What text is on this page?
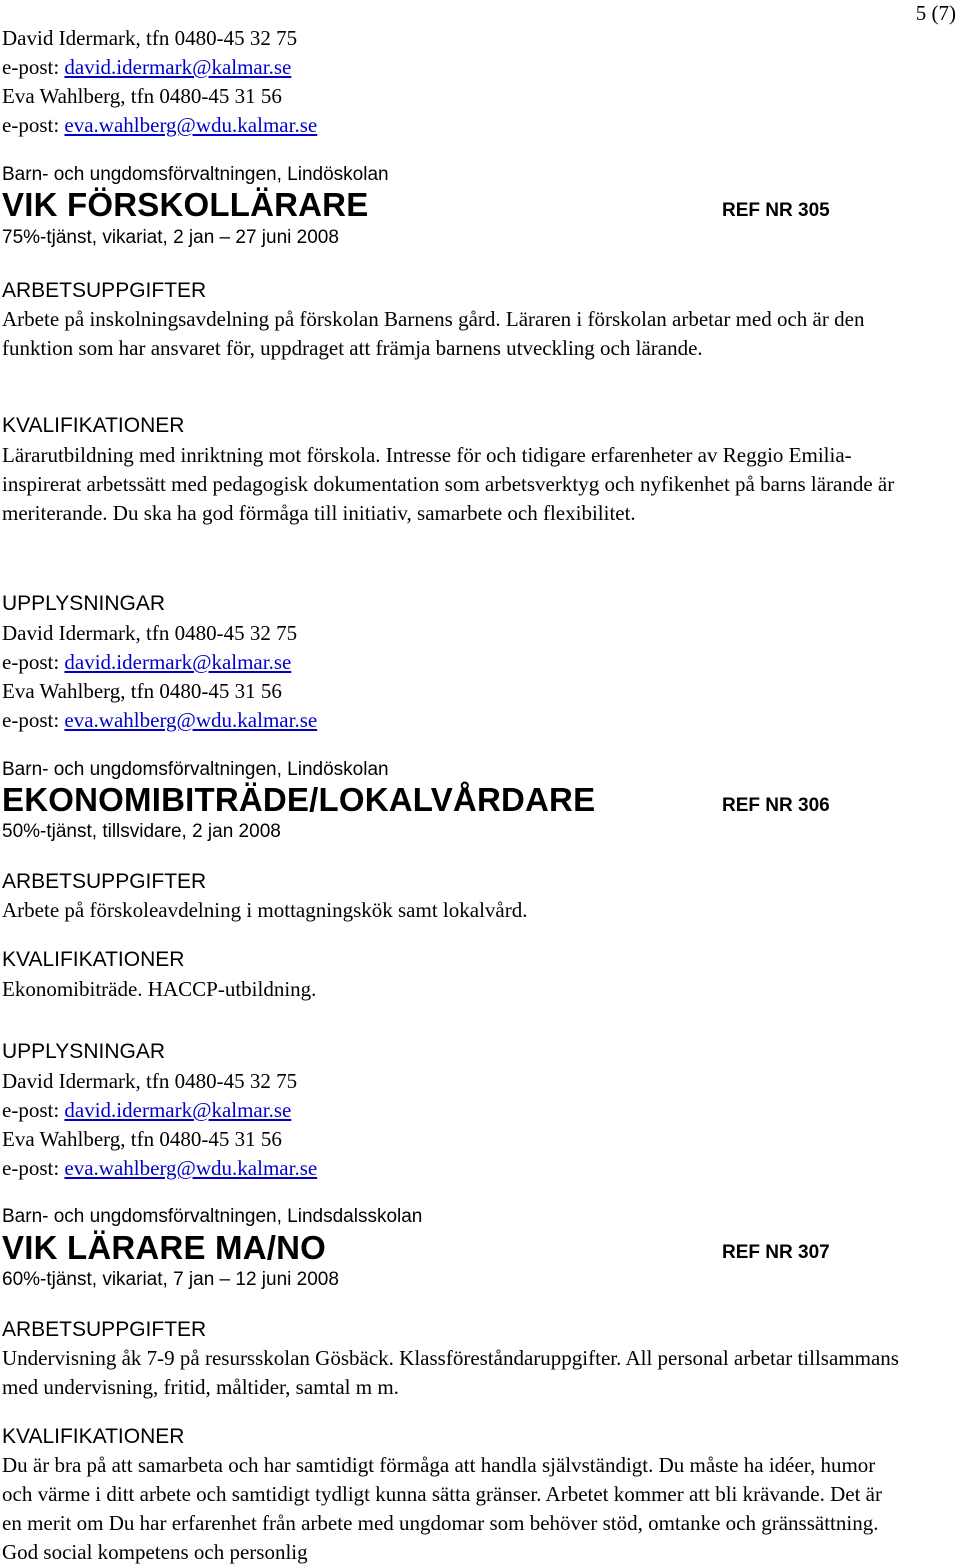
5 (7)
David Idermark, tfn 0480-45 32 75
e-post: david.idermark@kalmar.se
Eva Wahlberg, tfn 0480-45 31 56
e-post: eva.wahlberg@wdu.kalmar.se
Barn- och ungdomsförvaltningen, Lindöskolan
VIK FÖRSKOLLÄRARE	REF NR 305
75%-tjänst, vikariat, 2 jan – 27 juni 2008
ARBETSUPPGIFTER
Arbete på inskolningsavdelning på förskolan Barnens gård. Läraren i förskolan arbetar med och är den funktion som har ansvaret för, uppdraget att främja barnens utveckling och lärande.
KVALIFIKATIONER
Lärarutbildning med inriktning mot förskola. Intresse för och tidigare erfarenheter av Reggio Emilia-inspirerat arbetssätt med pedagogisk dokumentation som arbetsverktyg och nyfikenhet på barns lärande är meriterande. Du ska ha god förmåga till initiativ, samarbete och flexibilitet.
UPPLYSNINGAR
David Idermark, tfn 0480-45 32 75
e-post: david.idermark@kalmar.se
Eva Wahlberg, tfn 0480-45 31 56
e-post: eva.wahlberg@wdu.kalmar.se
Barn- och ungdomsförvaltningen, Lindöskolan
EKONOMIBITRÄDE/LOKALVÅRDARE	REF NR 306
50%-tjänst, tillsvidare, 2 jan 2008
ARBETSUPPGIFTER
Arbete på förskoleavdelning i mottagningskök samt lokalvård.
KVALIFIKATIONER
Ekonomibiträde. HACCP-utbildning.
UPPLYSNINGAR
David Idermark, tfn 0480-45 32 75
e-post: david.idermark@kalmar.se
Eva Wahlberg, tfn 0480-45 31 56
e-post: eva.wahlberg@wdu.kalmar.se
Barn- och ungdomsförvaltningen, Lindsdalsskolan
VIK LÄRARE MA/NO	REF NR 307
60%-tjänst, vikariat, 7 jan – 12 juni 2008
ARBETSUPPGIFTER
Undervisning åk 7-9 på resursskolan Gösbäck. Klassföreståndaruppgifter. All personal arbetar tillsammans med undervisning, fritid, måltider, samtal m m.
KVALIFIKATIONER
Du är bra på att samarbeta och har samtidigt förmåga att handla självständigt. Du måste ha idéer, humor och värme i ditt arbete och samtidigt tydligt kunna sätta gränser. Arbetet kommer att bli krävande. Det är en merit om Du har erfarenhet från arbete med ungdomar som behöver stöd, omtanke och gränssättning. God social kompetens och personlig
